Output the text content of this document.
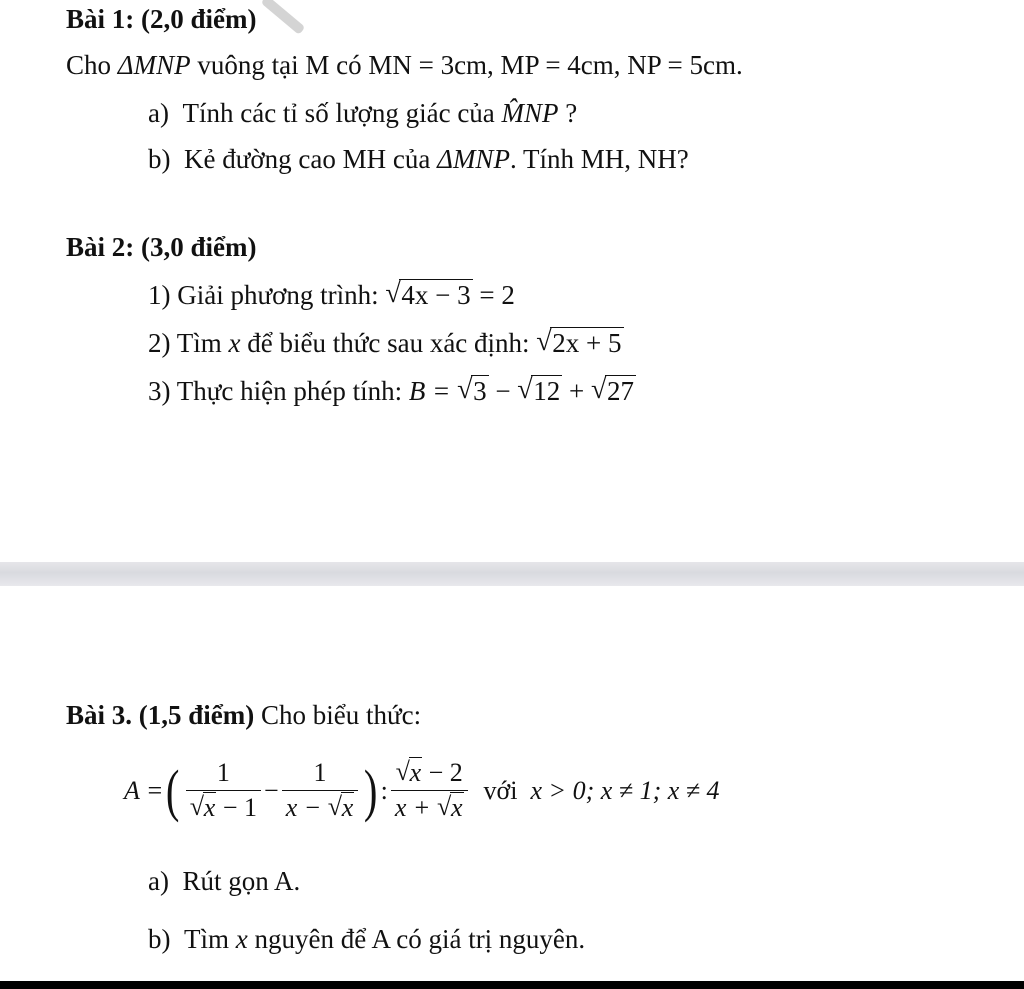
Bài 1: (2,0 điểm)
Cho ΔMNP vuông tại M có MN = 3cm, MP = 4cm, NP = 5cm.
a) Tính các tỉ số lượng giác của M̂NP ?
b) Kẻ đường cao MH của ΔMNP. Tính MH, NH?
Bài 2: (3,0 điểm)
1) Giải phương trình: √ 4x − 3 = 2
2) Tìm x để biểu thức sau xác định: √ 2x + 5
3) Thực hiện phép tính: B = √ 3 − √ 12 + √ 27
Bài 3. (1,5 điểm) Cho biểu thức:
A = ( 1
√ $x - 1 - \frac{1}{x - √ x}$ ) :
√ $\frac{x - 2}{x + √ x}$
với
x > 0; x ≠ 1; x ≠ 4
a) Rút gọn A.
b) Tìm x nguyên để A có giá trị nguyên.
